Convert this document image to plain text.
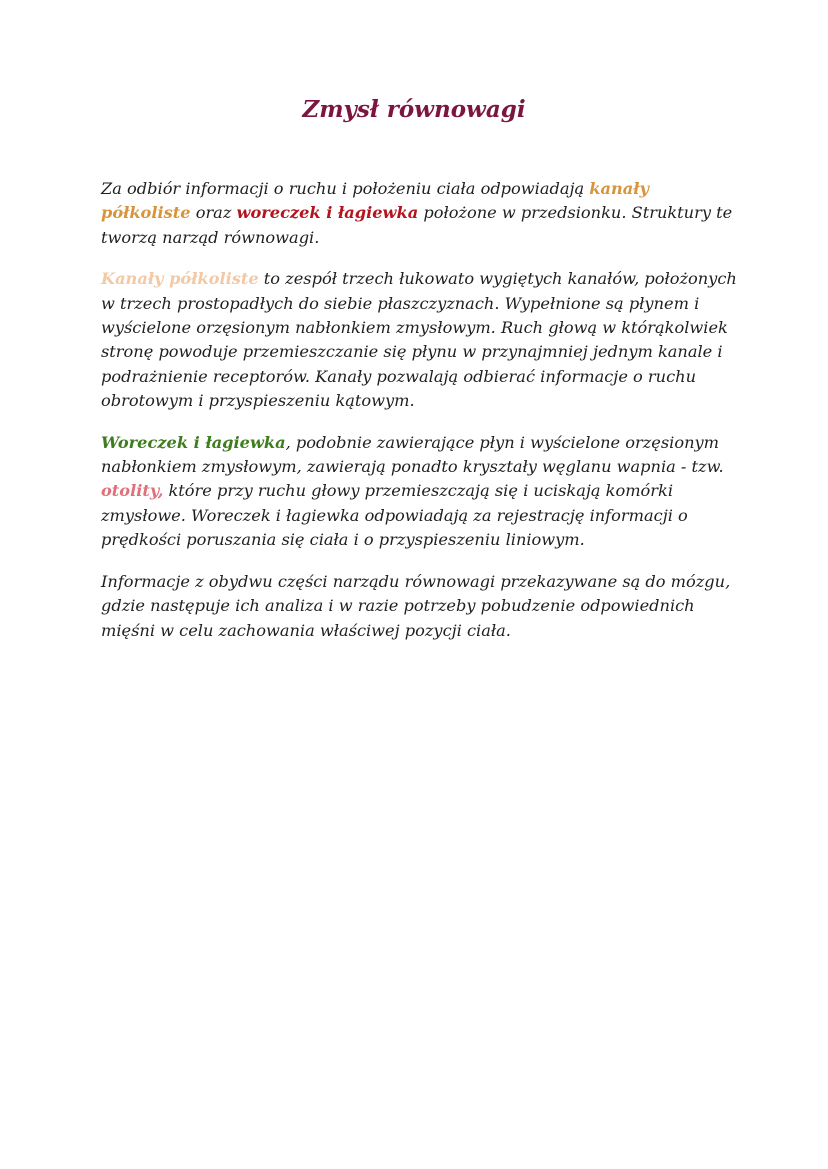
Zmysł równowagi

Za odbiór informacji o ruchu i położeniu ciała odpowiadają kanały półkoliste oraz woreczek i łagiewka położone w przedsionku. Struktury te tworzą narząd równowagi.

Kanały półkoliste to zespół trzech łukowato wygiętych kanałów, położonych w trzech prostopadłych do siebie płaszczyznach. Wypełnione są płynem i wyścielone orzęsionym nabłonkiem zmysłowym. Ruch głową w którąkolwiek stronę powoduje przemieszczanie się płynu w przynajmniej jednym kanale i podrażnienie receptorów. Kanały pozwalają odbierać informacje o ruchu obrotowym i przyspieszeniu kątowym.

Woreczek i łagiewka, podobnie zawierające płyn i wyścielone orzęsionym nabłonkiem zmysłowym, zawierają ponadto kryształy węglanu wapnia - tzw. otolity, które przy ruchu głowy przemieszczają się i uciskają komórki zmysłowe. Woreczek i łagiewka odpowiadają za rejestrację informacji o prędkości poruszania się ciała i o przyspieszeniu liniowym.

Informacje z obydwu części narządu równowagi przekazywane są do mózgu, gdzie następuje ich analiza i w razie potrzeby pobudzenie odpowiednich mięśni w celu zachowania właściwej pozycji ciała.
